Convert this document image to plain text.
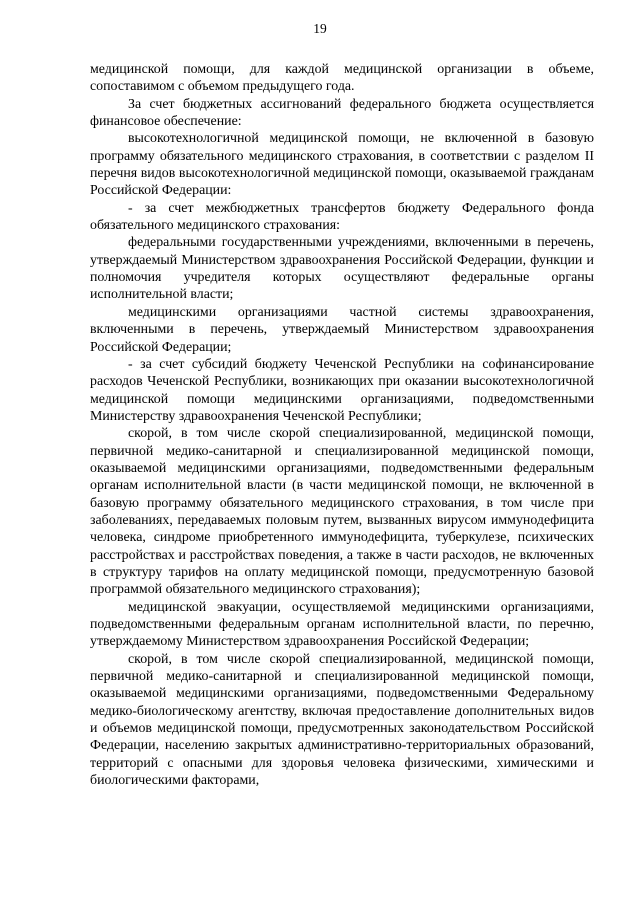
19

медицинской помощи, для каждой медицинской организации в объеме, сопоставимом с объемом предыдущего года.

За счет бюджетных ассигнований федерального бюджета осуществляется финансовое обеспечение:

высокотехнологичной медицинской помощи, не включенной в базовую программу обязательного медицинского страхования, в соответствии с разделом II перечня видов высокотехнологичной медицинской помощи, оказываемой гражданам Российской Федерации:

- за счет межбюджетных трансфертов бюджету Федерального фонда обязательного медицинского страхования:

федеральными государственными учреждениями, включенными в перечень, утверждаемый Министерством здравоохранения Российской Федерации, функции и полномочия учредителя которых осуществляют федеральные органы исполнительной власти;

медицинскими организациями частной системы здравоохранения, включенными в перечень, утверждаемый Министерством здравоохранения Российской Федерации;

- за счет субсидий бюджету Чеченской Республики на софинансирование расходов Чеченской Республики, возникающих при оказании высокотехнологичной медицинской помощи медицинскими организациями, подведомственными Министерству здравоохранения Чеченской Республики;

скорой, в том числе скорой специализированной, медицинской помощи, первичной медико-санитарной и специализированной медицинской помощи, оказываемой медицинскими организациями, подведомственными федеральным органам исполнительной власти (в части медицинской помощи, не включенной в базовую программу обязательного медицинского страхования, в том числе при заболеваниях, передаваемых половым путем, вызванных вирусом иммунодефицита человека, синдроме приобретенного иммунодефицита, туберкулезе, психических расстройствах и расстройствах поведения, а также в части расходов, не включенных в структуру тарифов на оплату медицинской помощи, предусмотренную базовой программой обязательного медицинского страхования);

медицинской эвакуации, осуществляемой медицинскими организациями, подведомственными федеральным органам исполнительной власти, по перечню, утверждаемому Министерством здравоохранения Российской Федерации;

скорой, в том числе скорой специализированной, медицинской помощи, первичной медико-санитарной и специализированной медицинской помощи, оказываемой медицинскими организациями, подведомственными Федеральному медико-биологическому агентству, включая предоставление дополнительных видов и объемов медицинской помощи, предусмотренных законодательством Российской Федерации, населению закрытых административно-территориальных образований, территорий с опасными для здоровья человека физическими, химическими и биологическими факторами,
